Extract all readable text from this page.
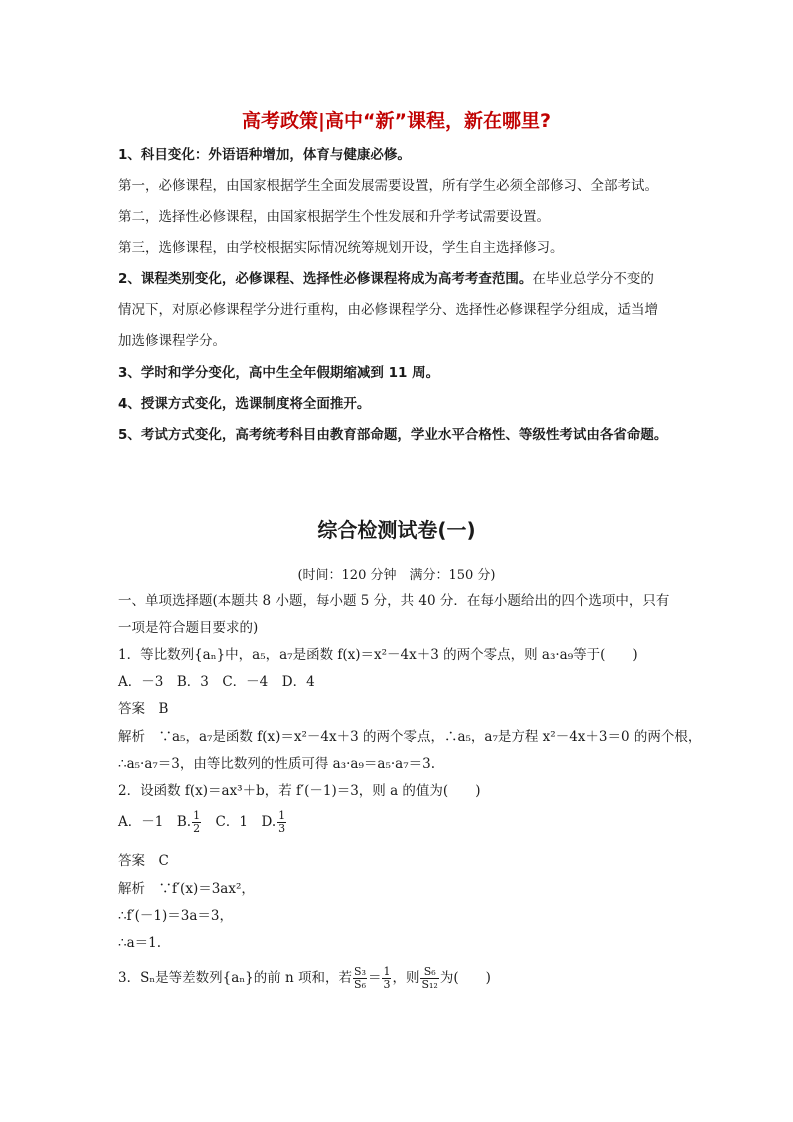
高考政策|高中“新”课程，新在哪里?
1、科目变化：外语语种增加，体育与健康必修。
第一，必修课程，由国家根据学生全面发展需要设置，所有学生必须全部修习、全部考试。
第二，选择性必修课程，由国家根据学生个性发展和升学考试需要设置。
第三，选修课程，由学校根据实际情况统筹规划开设，学生自主选择修习。
2、课程类别变化，必修课程、选择性必修课程将成为高考考查范围。在毕业总学分不变的
情况下，对原必修课程学分进行重构，由必修课程学分、选择性必修课程学分组成，适当增
加选修课程学分。
3、学时和学分变化，高中生全年假期缩减到 11 周。
4、授课方式变化，选课制度将全面推开。
5、考试方式变化，高考统考科目由教育部命题，学业水平合格性、等级性考试由各省命题。
综合检测试卷(一)
(时间：120 分钟　满分：150 分)
一、单项选择题(本题共 8 小题，每小题 5 分，共 40 分．在每小题给出的四个选项中，只有
一项是符合题目要求的)
1．等比数列{aₙ}中，a₅，a₇是函数 f(x)＝x²－4x＋3 的两个零点，则 a₃·a₉等于(　　)
A．－3　B．3　C．－4　D．4
答案　B
解析　∵a₅，a₇是函数 f(x)＝x²－4x＋3 的两个零点，∴a₅，a₇是方程 x²－4x＋3＝0 的两个根，
∴a₅·a₇＝3，由等比数列的性质可得 a₃·a₉＝a₅·a₇＝3.
2．设函数 f(x)＝ax³＋b，若 f′(－1)＝3，则 a 的值为(　　)
A．－1　B. $\frac{1}{2}$ 　C．1　D. $\frac{1}{3}$
答案　C
解析　∵f′(x)＝3ax²，
∴f′(－1)＝3a＝3，
∴a＝1.
3．Sₙ是等差数列{aₙ}的前 n 项和，若 $\frac{\text{S₃}}{\text{S₆}} = \frac{1}{3}$ ，则 $\frac{\text{S₆}}{\text{S₁₂}}$ 为(　　)
